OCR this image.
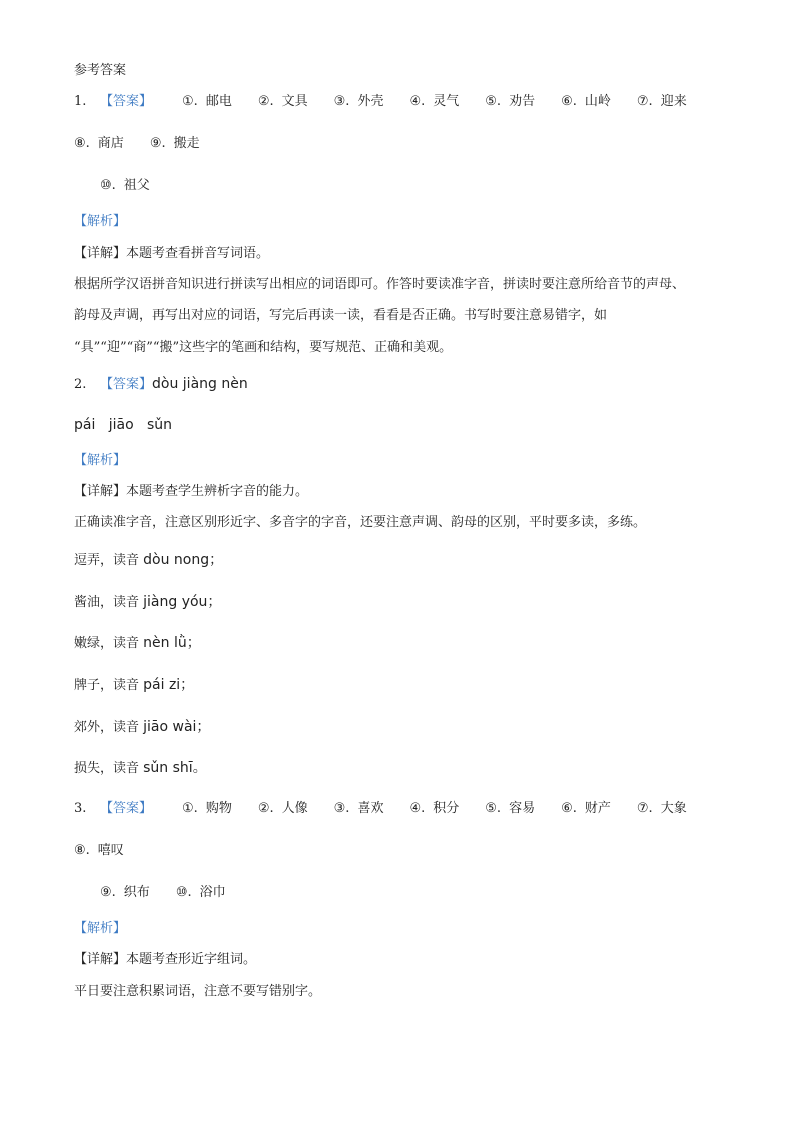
参考答案
1. 【答案】 ①. 邮电 ②. 文具 ③. 外壳 ④. 灵气 ⑤. 劝告 ⑥. 山岭 ⑦. 迎来
⑧. 商店 ⑨. 搬走
⑩. 祖父
【解析】
【详解】本题考查看拼音写词语。
根据所学汉语拼音知识进行拼读写出相应的词语即可。作答时要读准字音，拼读时要注意所给音节的声母、
韵母及声调，再写出对应的词语，写完后再读一读，看看是否正确。书写时要注意易错字，如
“具”“迎”“商”“搬”这些字的笔画和结构，要写规范、正确和美观。
2. 【答案】dòu jiàng nèn
pái   jiāo   sǔn
【解析】
【详解】本题考查学生辨析字音的能力。
正确读准字音，注意区别形近字、多音字的字音，还要注意声调、韵母的区别，平时要多读，多练。
逗弄，读音 dòu nong；
酱油，读音 jiàng yóu；
嫩绿，读音 nèn lǜ；
牌子，读音 pái zi；
郊外，读音 jiāo wài；
损失，读音 sǔn shī。
3. 【答案】 ①. 购物 ②. 人像 ③. 喜欢 ④. 积分 ⑤. 容易 ⑥. 财产 ⑦. 大象
⑧. 嘻叹
⑨. 织布 ⑩. 浴巾
【解析】
【详解】本题考查形近字组词。
平日要注意积累词语，注意不要写错别字。
